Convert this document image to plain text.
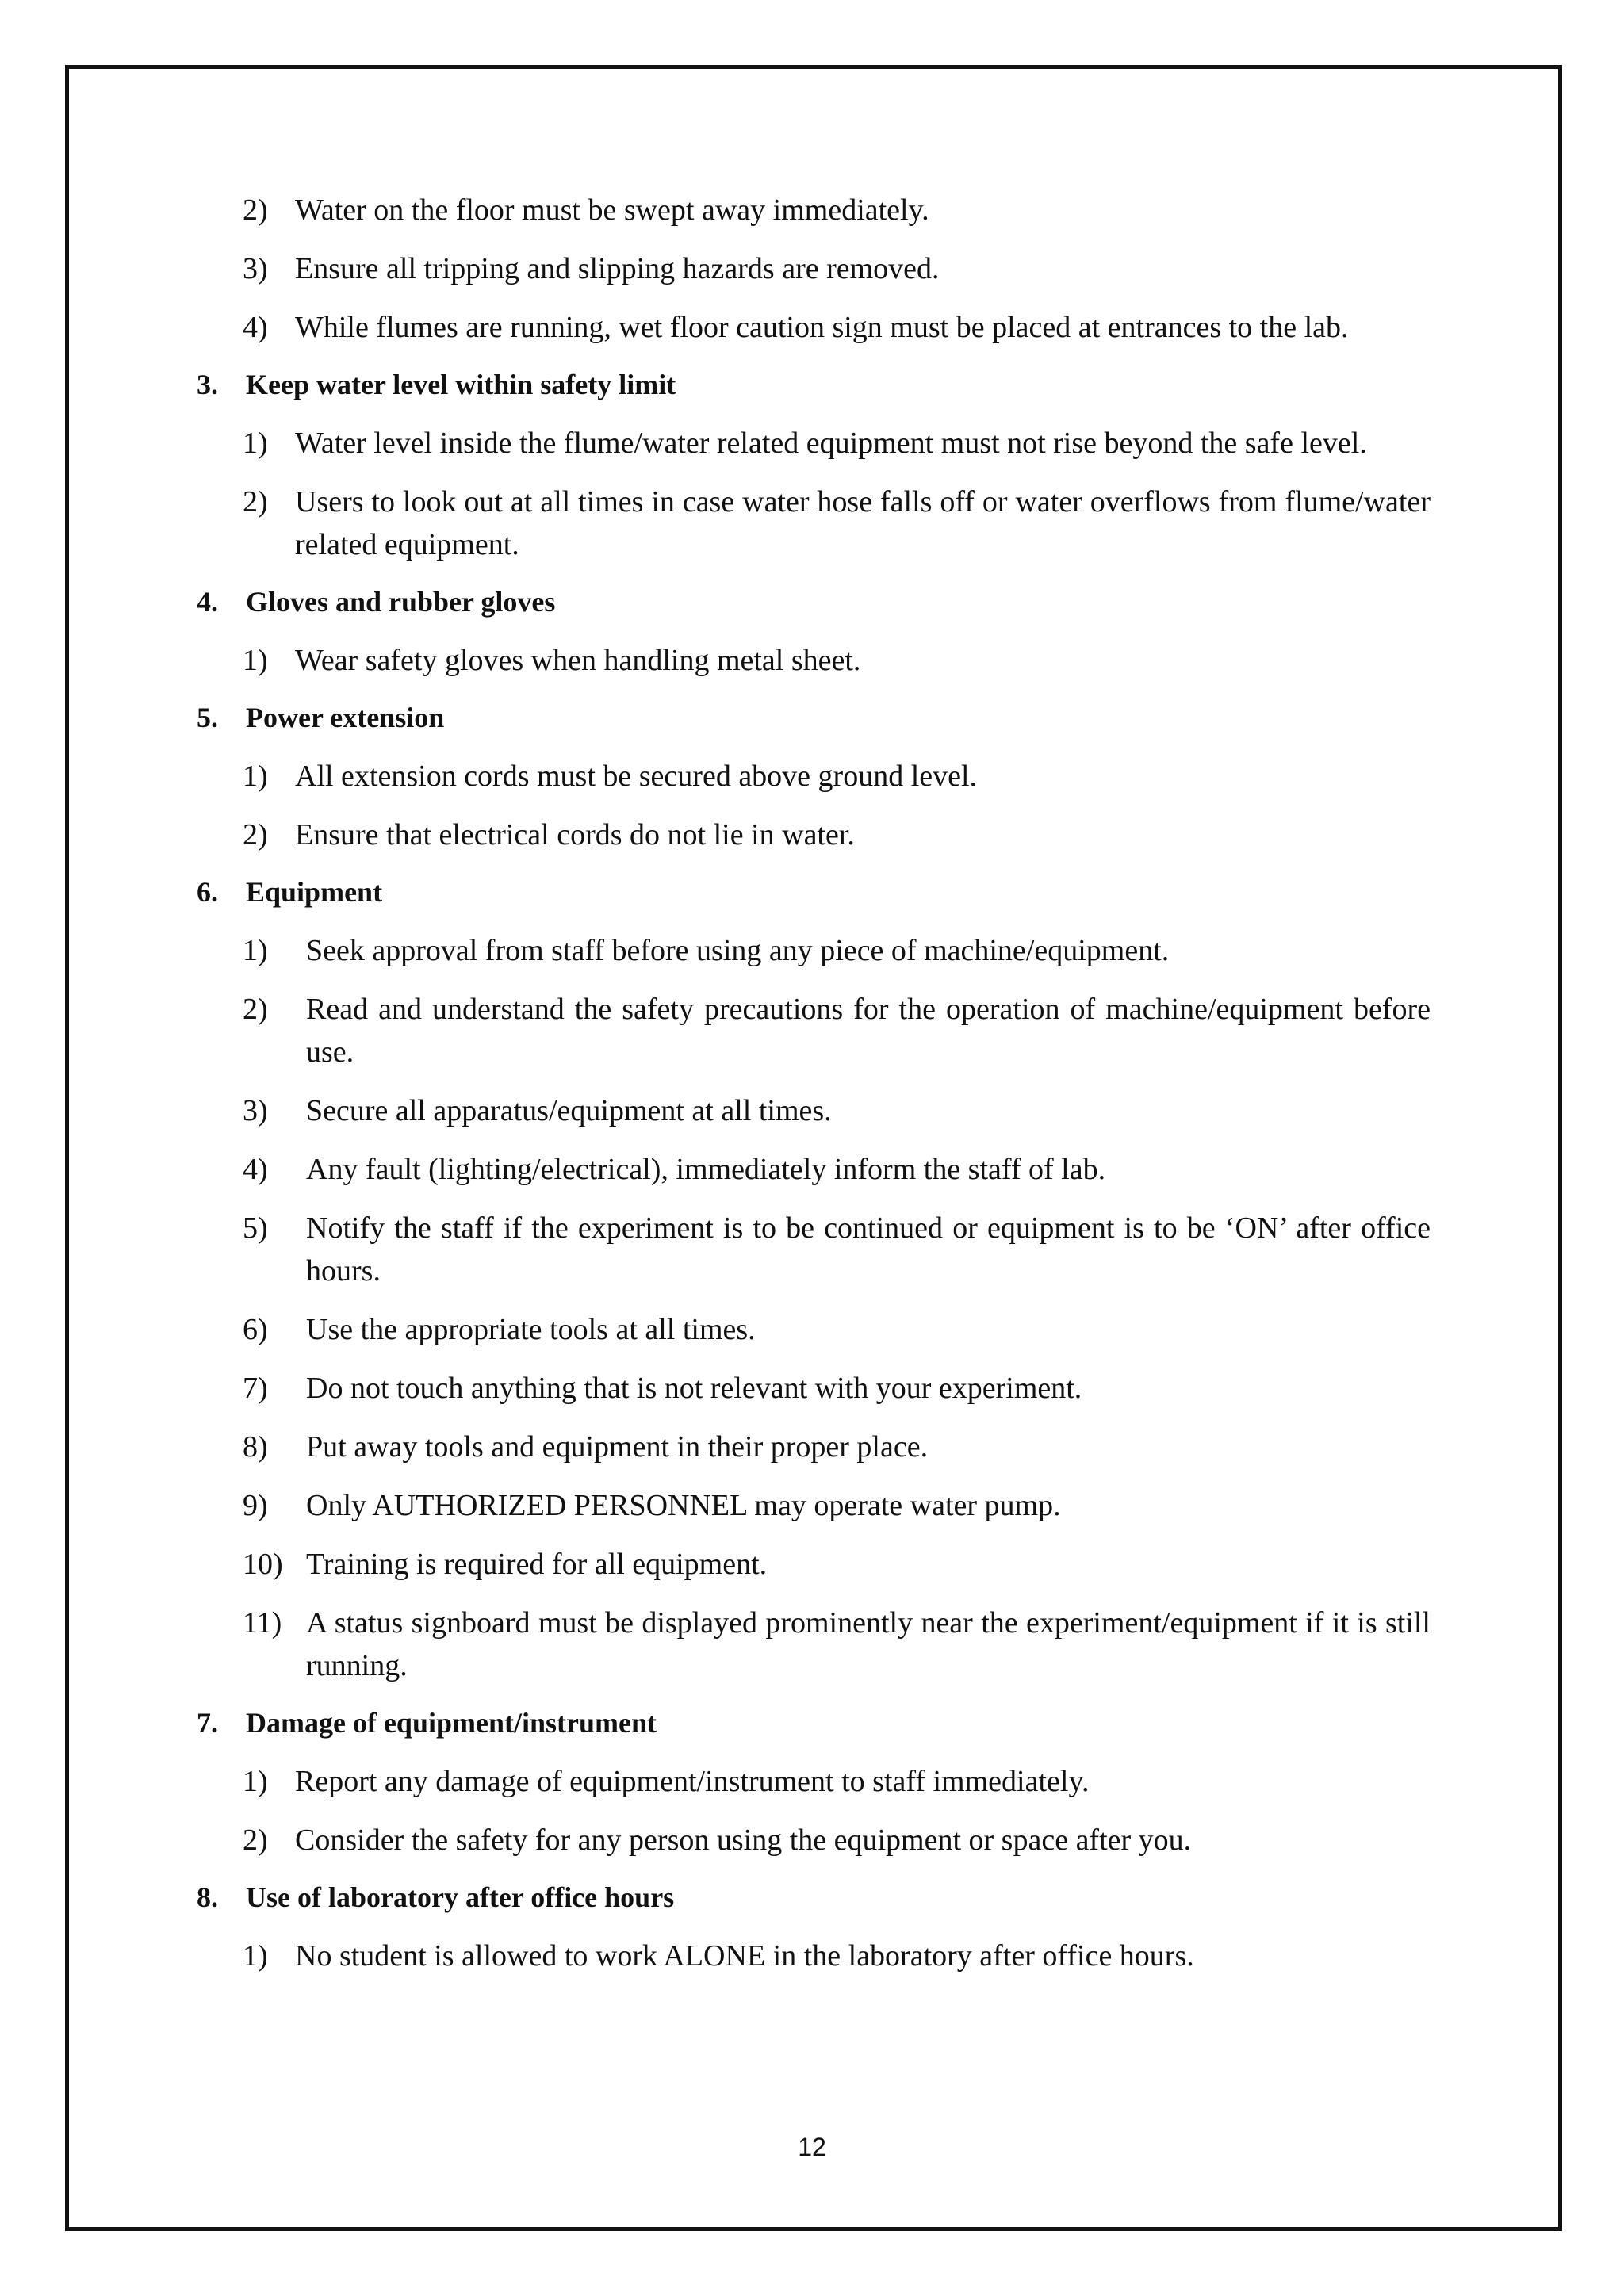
2) Water on the floor must be swept away immediately.
3) Ensure all tripping and slipping hazards are removed.
4) While flumes are running, wet floor caution sign must be placed at entrances to the lab.
3. Keep water level within safety limit
1) Water level inside the flume/water related equipment must not rise beyond the safe level.
2) Users to look out at all times in case water hose falls off or water overflows from flume/water related equipment.
4. Gloves and rubber gloves
1) Wear safety gloves when handling metal sheet.
5. Power extension
1) All extension cords must be secured above ground level.
2) Ensure that electrical cords do not lie in water.
6. Equipment
1)	Seek approval from staff before using any piece of machine/equipment.
2)	Read and understand the safety precautions for the operation of machine/equipment before use.
3)	Secure all apparatus/equipment at all times.
4)	Any fault (lighting/electrical), immediately inform the staff of lab.
5)	Notify the staff if the experiment is to be continued or equipment is to be ‘ON’ after office hours.
6)	Use the appropriate tools at all times.
7)	Do not touch anything that is not relevant with your experiment.
8)	Put away tools and equipment in their proper place.
9)	Only AUTHORIZED PERSONNEL may operate water pump.
10) Training is required for all equipment.
11) A status signboard must be displayed prominently near the experiment/equipment if it is still running.
7. Damage of equipment/instrument
1) Report any damage of equipment/instrument to staff immediately.
2) Consider the safety for any person using the equipment or space after you.
8. Use of laboratory after office hours
1) No student is allowed to work ALONE in the laboratory after office hours.
12
